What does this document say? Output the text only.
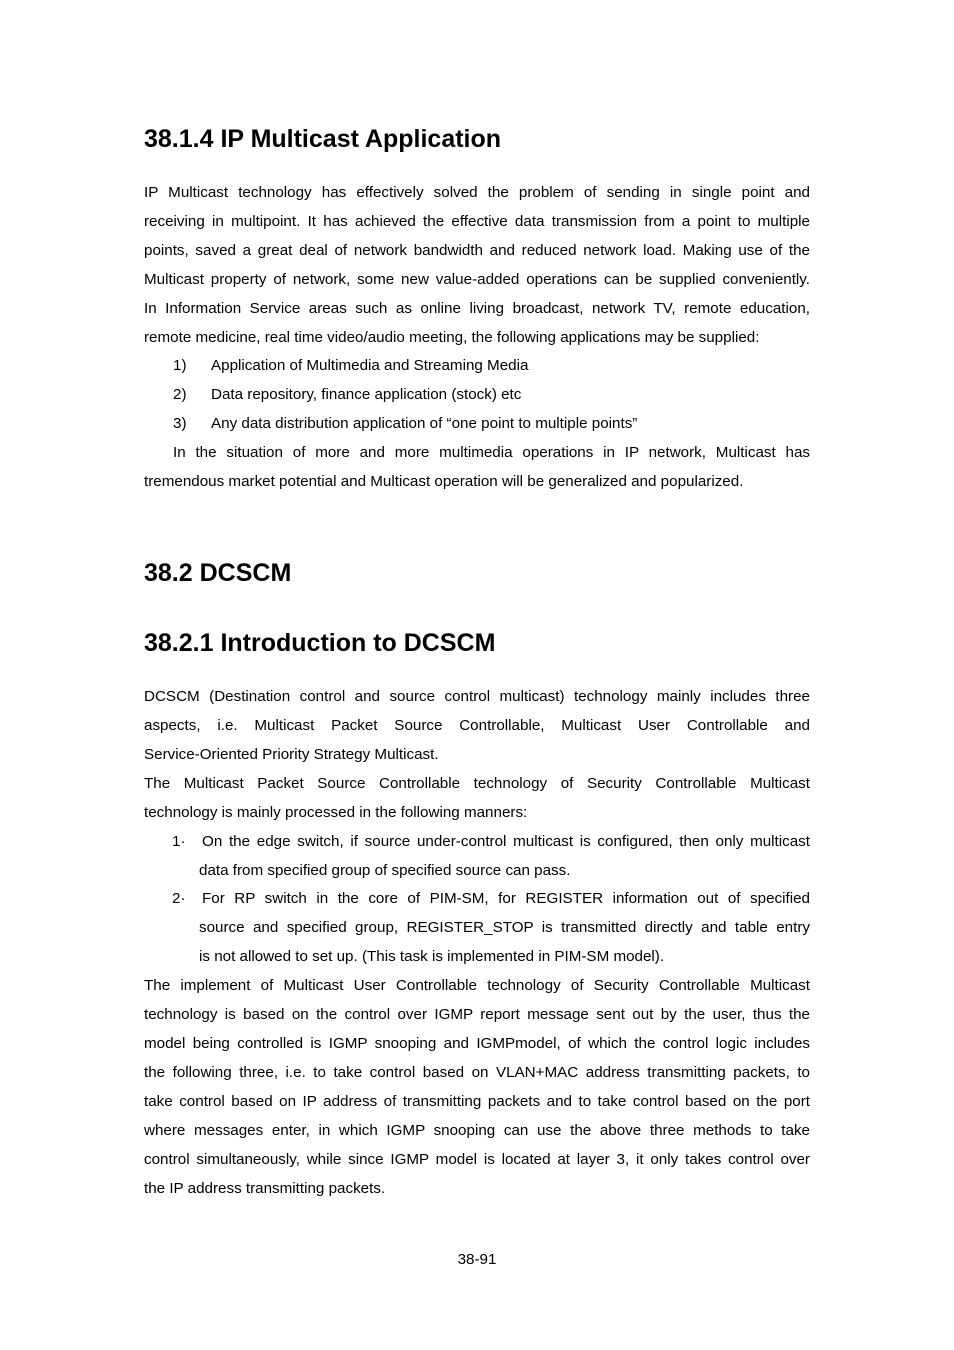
38.1.4 IP Multicast Application
IP Multicast technology has effectively solved the problem of sending in single point and
receiving in multipoint. It has achieved the effective data transmission from a point to multiple
points, saved a great deal of network bandwidth and reduced network load. Making use of the
Multicast property of network, some new value-added operations can be supplied conveniently.
In Information Service areas such as online living broadcast, network TV, remote education,
remote medicine, real time video/audio meeting, the following applications may be supplied:
1) Application of Multimedia and Streaming Media
2) Data repository, finance application (stock) etc
3) Any data distribution application of “one point to multiple points”
In the situation of more and more multimedia operations in IP network, Multicast has
tremendous market potential and Multicast operation will be generalized and popularized.
38.2 DCSCM
38.2.1 Introduction to DCSCM
DCSCM (Destination control and source control multicast) technology mainly includes three
aspects, i.e. Multicast Packet Source Controllable, Multicast User Controllable and
Service-Oriented Priority Strategy Multicast.
The Multicast Packet Source Controllable technology of Security Controllable Multicast
technology is mainly processed in the following manners:
1· On the edge switch, if source under-control multicast is configured, then only multicast
data from specified group of specified source can pass.
2· For RP switch in the core of PIM-SM, for REGISTER information out of specified
source and specified group, REGISTER_STOP is transmitted directly and table entry
is not allowed to set up. (This task is implemented in PIM-SM model).
The implement of Multicast User Controllable technology of Security Controllable Multicast
technology is based on the control over IGMP report message sent out by the user, thus the
model being controlled is IGMP snooping and IGMPmodel, of which the control logic includes
the following three, i.e. to take control based on VLAN+MAC address transmitting packets, to
take control based on IP address of transmitting packets and to take control based on the port
where messages enter, in which IGMP snooping can use the above three methods to take
control simultaneously, while since IGMP model is located at layer 3, it only takes control over
the IP address transmitting packets.
38-91
